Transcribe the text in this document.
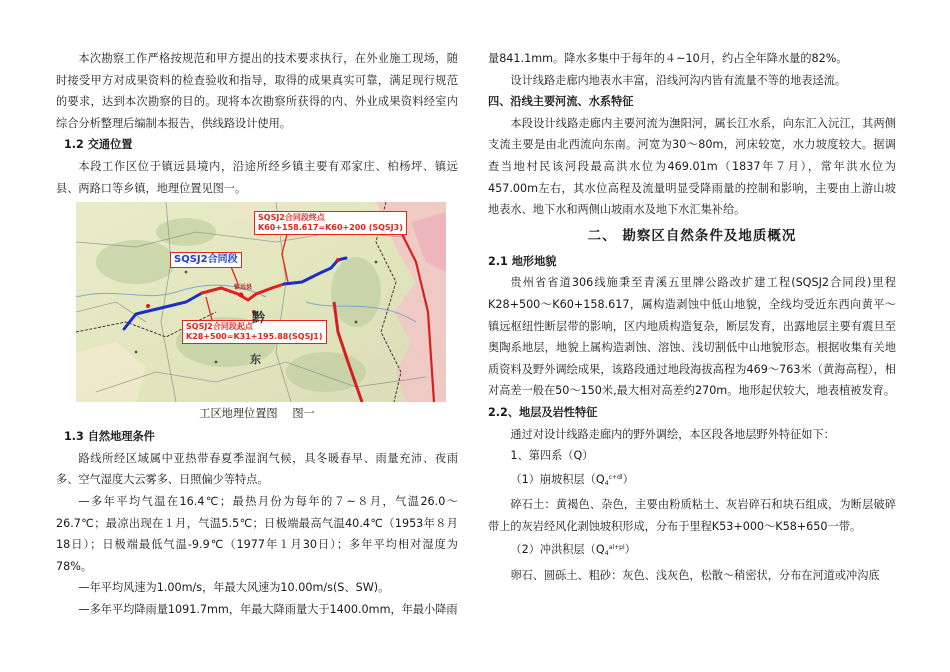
本次勘察工作严格按规范和甲方提出的技术要求执行，在外业施工现场，随时接受甲方对成果资料的检查验收和指导，取得的成果真实可靠，满足现行规范的要求，达到本次勘察的目的。现将本次勘察所获得的内、外业成果资料经室内综合分析整理后编制本报告，供线路设计使用。

1.2 交通位置

本段工作区位于镇远县境内，沿途所经乡镇主要有邓家庄、柏杨坪、镇远县、两路口等乡镇，地理位置见图一。

SQSJ2合同段终点
K60+158.617=K60+200 (SQSJ3)
SQSJ2合同段
SQSJ2合同段起点
K28+500=K31+195.88(SQSJ1)
黔
东
镇远县
工区地理位置图　 图一
1.3 自然地理条件

路线所经区域属中亚热带春夏季湿润气候，具冬暖春早、雨量充沛、夜雨多、空气湿度大云雾多、日照偏少等特点。

—多年平均气温在16.4℃；最热月份为每年的７~８月，气温26.0～26.7℃；最凉出现在１月，气温5.5℃；日极端最高气温40.4℃（1953年８月18日）；日极端最低气温-9.9℃（1977年１月30日）；多年平均相对湿度为78%。

—年平均风速为1.00m/s，年最大风速为10.00m/s(S、SW)。

—多年平均降雨量1091.7mm，年最大降雨量大于1400.0mm，年最小降雨

量841.1mm。降水多集中于每年的４~10月，约占全年降水量的82%。

设计线路走廊内地表水丰富，沿线河沟内皆有流量不等的地表迳流。

四、沿线主要河流、水系特征

本段设计线路走廊内主要河流为潕阳河，属长江水系，向东汇入沅江，其两侧支流主要是由北西流向东南。河宽为30～80m，河床较宽，水力坡度较大。据调查当地村民该河段最高洪水位为469.01m（1837年７月），常年洪水位为457.00m左右，其水位高程及流量明显受降雨量的控制和影响，主要由上游山坡地表水、地下水和两侧山坡雨水及地下水汇集补给。

二、 勘察区自然条件及地质概况
2.1 地形地貌

贵州省省道306线施秉至青溪五里牌公路改扩建工程(SQSJ2合同段)里程K28+500～K60+158.617，属构造剥蚀中低山地貌，全线均受近东西向黄平～镇远枢纽性断层带的影响，区内地质构造复杂，断层发育，出露地层主要有震旦至奥陶系地层，地貌上属构造剥蚀、溶蚀、浅切割低中山地貌形态。根据收集有关地质资料及野外调绘成果，该路段通过地段海拔高程为469～763米（黄海高程），相对高差一般在50～150米,最大相对高差约270m。地形起伏较大，地表植被发育。

2.2、地层及岩性特征

通过对设计线路走廊内的野外调绘，本区段各地层野外特征如下：

1、第四系（Q）

（1）崩坡积层$(Q_4^{c+dl})$

碎石土：黄褐色、杂色，主要由粉质粘土、灰岩碎石和块石组成，为断层破碎带上的灰岩经风化剥蚀坡积形成，分布于里程K53+000～K58+650一带。

（2）冲洪积层$(Q_4^{al+pl})$

卵石、圆砾土、粗砂：灰色、浅灰色，松散～稍密状，分布在河道或冲沟底
